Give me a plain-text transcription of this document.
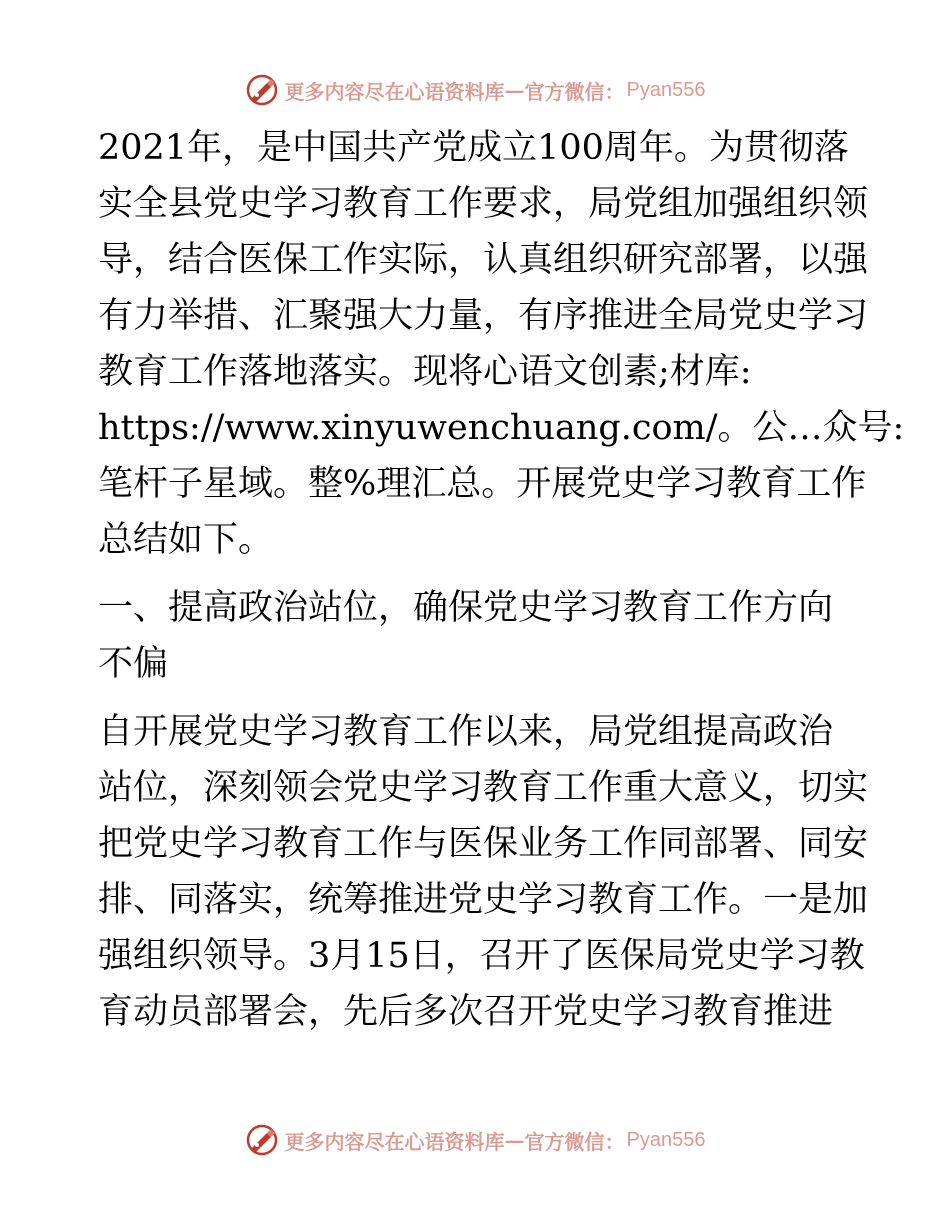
更多内容尽在心语资料库 — 官方微信： Pyan556
2021年，是中国共产党成立100周年。为贯彻落
实全县党史学习教育工作要求，局党组加强组织领
导，结合医保工作实际，认真组织研究部署，以强
有力举措、汇聚强大力量，有序推进全局党史学习
教育工作落地落实。现将心语文创素;材库:
https://www.xinyuwenchuang.com/。公…众号:
笔杆子星域。整%理汇总。开展党史学习教育工作
总结如下。
一、提高政治站位，确保党史学习教育工作方向
不偏
自开展党史学习教育工作以来，局党组提高政治
站位，深刻领会党史学习教育工作重大意义，切实
把党史学习教育工作与医保业务工作同部署、同安
排、同落实，统筹推进党史学习教育工作。一是加
强组织领导。3月15日，召开了医保局党史学习教
育动员部署会，先后多次召开党史学习教育推进
更多内容尽在心语资料库 — 官方微信： Pyan556
